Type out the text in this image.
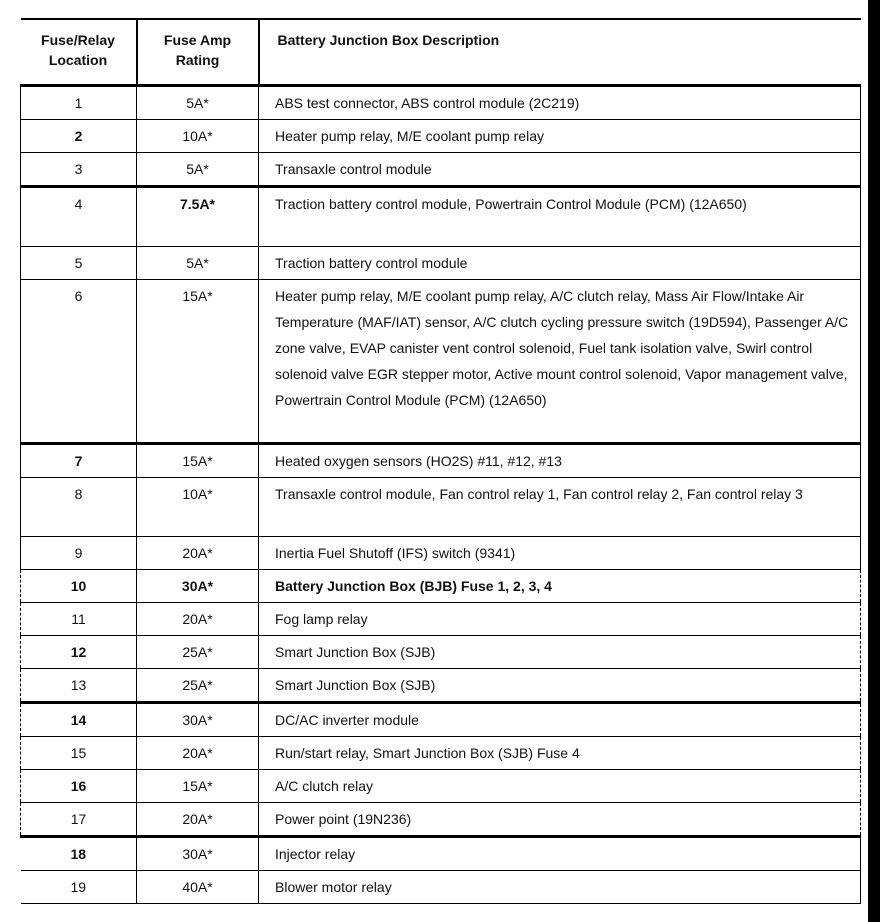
Fuse/Relay Location	Fuse Amp Rating	Battery Junction Box Description
1	5A*	ABS test connector, ABS control module (2C219)
2	10A*	Heater pump relay, M/E coolant pump relay
3	5A*	Transaxle control module
4	7.5A*	Traction battery control module, Powertrain Control Module (PCM) (12A650)
5	5A*	Traction battery control module
6	15A*	Heater pump relay, M/E coolant pump relay, A/C clutch relay, Mass Air Flow/Intake Air Temperature (MAF/IAT) sensor, A/C clutch cycling pressure switch (19D594), Passenger A/C zone valve, EVAP canister vent control solenoid, Fuel tank isolation valve, Swirl control solenoid valve EGR stepper motor, Active mount control solenoid, Vapor management valve, Powertrain Control Module (PCM) (12A650)
7	15A*	Heated oxygen sensors (HO2S) #11, #12, #13
8	10A*	Transaxle control module, Fan control relay 1, Fan control relay 2, Fan control relay 3
9	20A*	Inertia Fuel Shutoff (IFS) switch (9341)
10	30A*	Battery Junction Box (BJB) Fuse 1, 2, 3, 4
11	20A*	Fog lamp relay
12	25A*	Smart Junction Box (SJB)
13	25A*	Smart Junction Box (SJB)
14	30A*	DC/AC inverter module
15	20A*	Run/start relay, Smart Junction Box (SJB) Fuse 4
16	15A*	A/C clutch relay
17	20A*	Power point (19N236)
18	30A*	Injector relay
19	40A*	Blower motor relay
